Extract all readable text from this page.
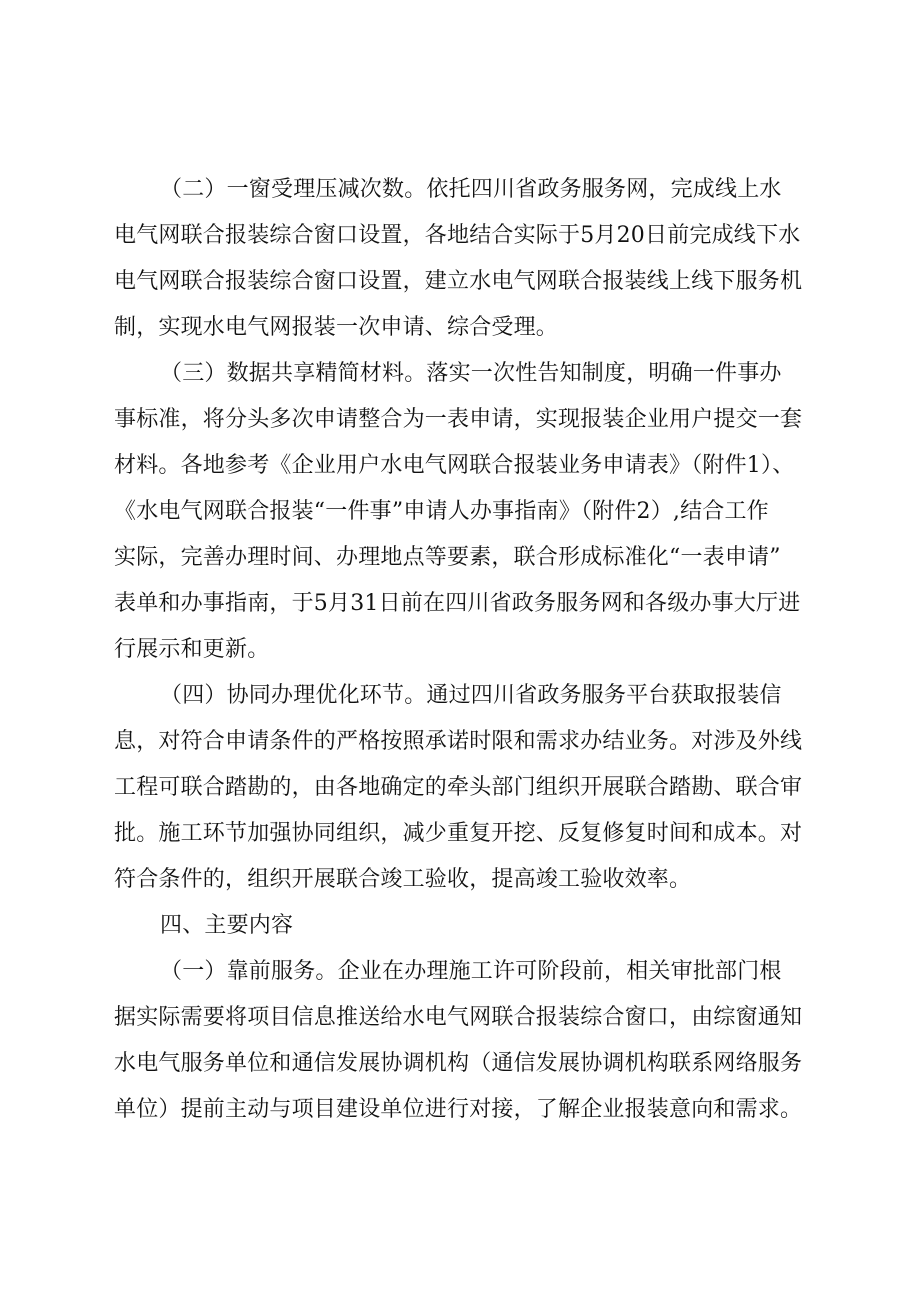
（二）一窗受理压减次数。依托四川省政务服务网，完成线上水
电气网联合报装综合窗口设置，各地结合实际于5月20日前完成线下水
电气网联合报装综合窗口设置，建立水电气网联合报装线上线下服务机
制，实现水电气网报装一次申请、综合受理。
（三）数据共享精简材料。落实一次性告知制度，明确一件事办
事标准，将分头多次申请整合为一表申请，实现报装企业用户提交一套
材料。各地参考《企业用户水电气网联合报装业务申请表》（附件1）、
《水电气网联合报装“一件事”申请人办事指南》（附件2）,结合工作
实际，完善办理时间、办理地点等要素，联合形成标准化“一表申请”
表单和办事指南，于5月31日前在四川省政务服务网和各级办事大厅进
行展示和更新。
（四）协同办理优化环节。通过四川省政务服务平台获取报装信
息，对符合申请条件的严格按照承诺时限和需求办结业务。对涉及外线
工程可联合踏勘的，由各地确定的牵头部门组织开展联合踏勘、联合审
批。施工环节加强协同组织，减少重复开挖、反复修复时间和成本。对
符合条件的，组织开展联合竣工验收，提高竣工验收效率。
四、主要内容
（一）靠前服务。企业在办理施工许可阶段前，相关审批部门根
据实际需要将项目信息推送给水电气网联合报装综合窗口，由综窗通知
水电气服务单位和通信发展协调机构（通信发展协调机构联系网络服务
单位）提前主动与项目建设单位进行对接，了解企业报装意向和需求。
